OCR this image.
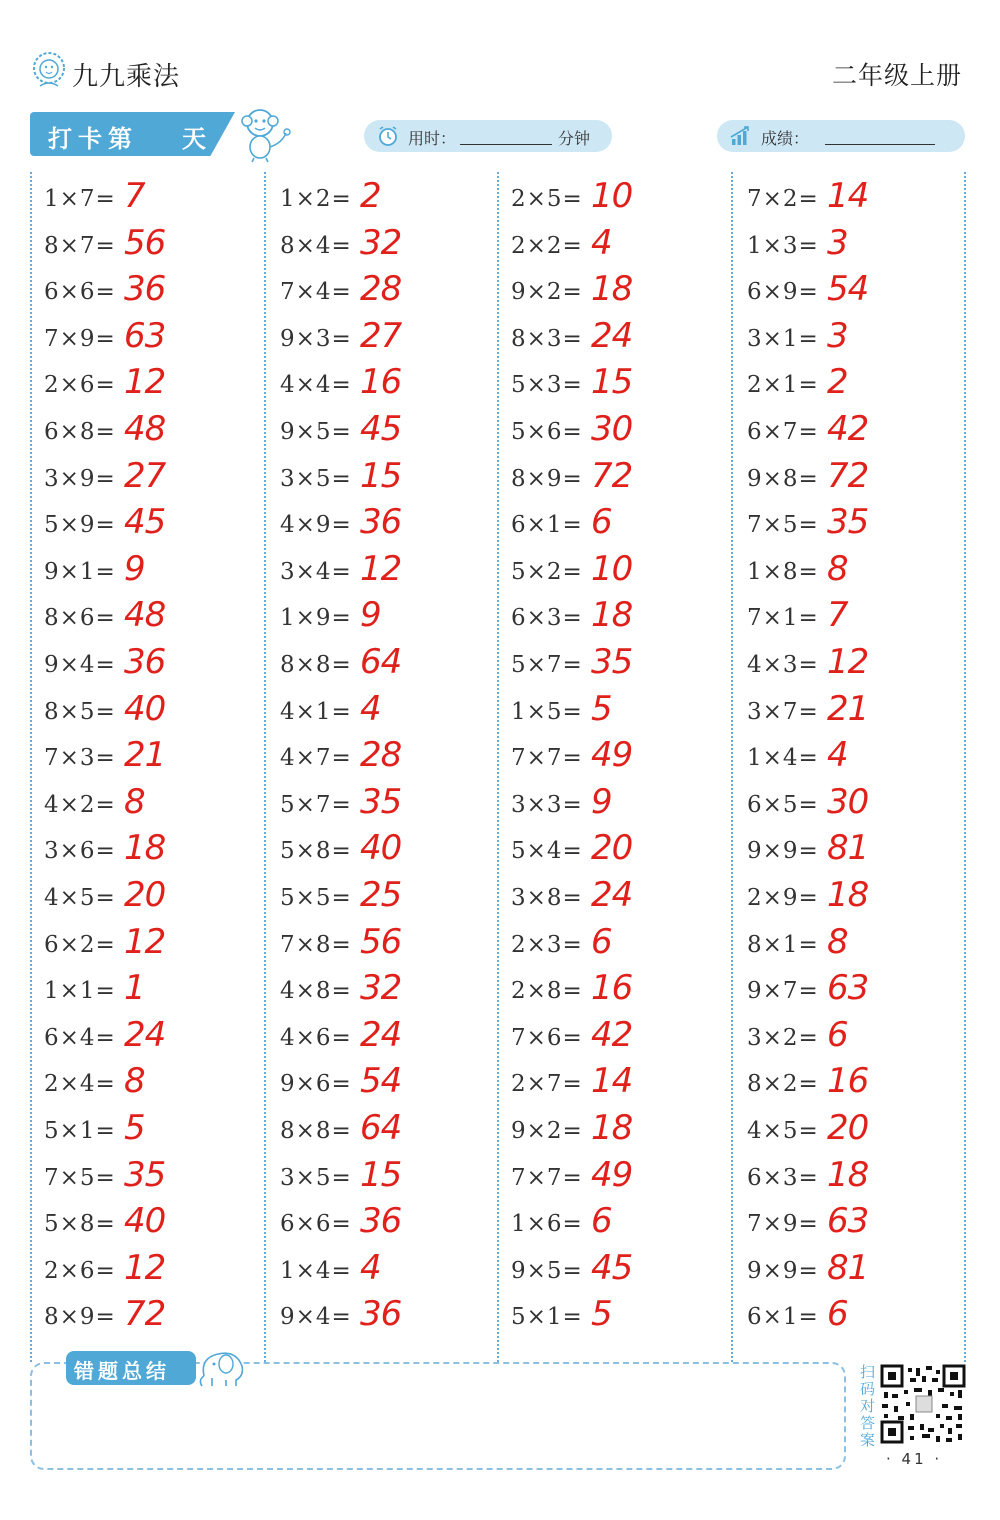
九九乘法	二年级上册
打卡第 天	用时：	分钟	成绩：
1×7= 7
8×7= 56
6×6= 36
7×9= 63
2×6= 12
6×8= 48
3×9= 27
5×9= 45
9×1= 9
8×6= 48
9×4= 36
8×5= 40
7×3= 21
4×2= 8
3×6= 18
4×5= 20
6×2= 12
1×1= 1
6×4= 24
2×4= 8
5×1= 5
7×5= 35
5×8= 40
2×6= 12
8×9= 72
1×2= 2
8×4= 32
7×4= 28
9×3= 27
4×4= 16
9×5= 45
3×5= 15
4×9= 36
3×4= 12
1×9= 9
8×8= 64
4×1= 4
4×7= 28
5×7= 35
5×8= 40
5×5= 25
7×8= 56
4×8= 32
4×6= 24
9×6= 54
8×8= 64
3×5= 15
6×6= 36
1×4= 4
9×4= 36
2×5= 10
2×2= 4
9×2= 18
8×3= 24
5×3= 15
5×6= 30
8×9= 72
6×1= 6
5×2= 10
6×3= 18
5×7= 35
1×5= 5
7×7= 49
3×3= 9
5×4= 20
3×8= 24
2×3= 6
2×8= 16
7×6= 42
2×7= 14
9×2= 18
7×7= 49
1×6= 6
9×5= 45
5×1= 5
7×2= 14
1×3= 3
6×9= 54
3×1= 3
2×1= 2
6×7= 42
9×8= 72
7×5= 35
1×8= 8
7×1= 7
4×3= 12
3×7= 21
1×4= 4
6×5= 30
9×9= 81
2×9= 18
8×1= 8
9×7= 63
3×2= 6
8×2= 16
4×5= 20
6×3= 18
7×9= 63
9×9= 81
6×1= 6
错题总结	扫码对答案
· 41 ·
